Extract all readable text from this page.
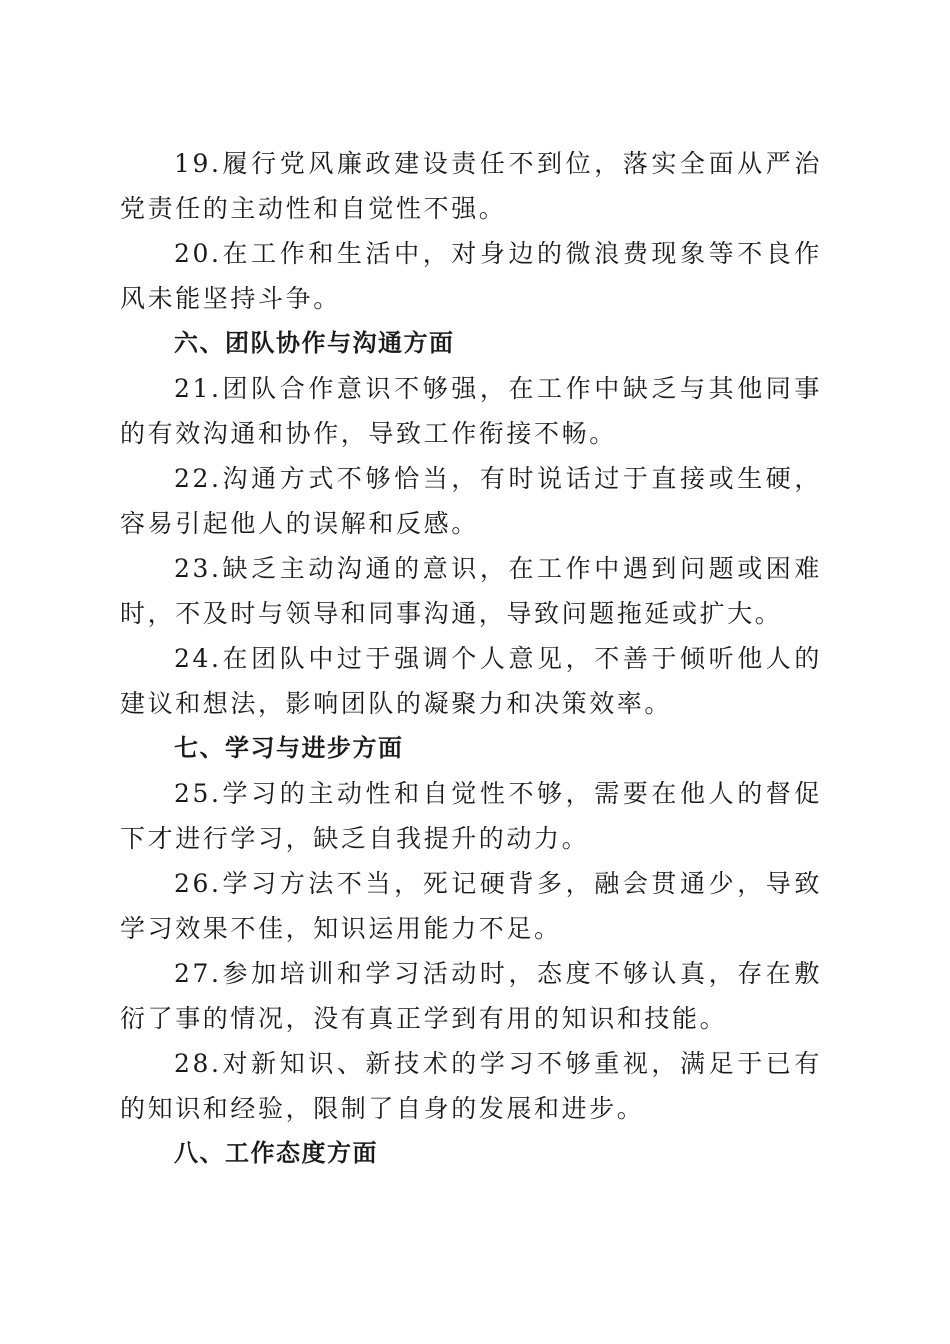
19.履行党风廉政建设责任不到位，落实全面从严治党责任的主动性和自觉性不强。

20.在工作和生活中，对身边的微浪费现象等不良作风未能坚持斗争。

六、团队协作与沟通方面

21.团队合作意识不够强，在工作中缺乏与其他同事的有效沟通和协作，导致工作衔接不畅。

22.沟通方式不够恰当，有时说话过于直接或生硬，容易引起他人的误解和反感。

23.缺乏主动沟通的意识，在工作中遇到问题或困难时，不及时与领导和同事沟通，导致问题拖延或扩大。

24.在团队中过于强调个人意见，不善于倾听他人的建议和想法，影响团队的凝聚力和决策效率。

七、学习与进步方面

25.学习的主动性和自觉性不够，需要在他人的督促下才进行学习，缺乏自我提升的动力。

26.学习方法不当，死记硬背多，融会贯通少，导致学习效果不佳，知识运用能力不足。

27.参加培训和学习活动时，态度不够认真，存在敷衍了事的情况，没有真正学到有用的知识和技能。

28.对新知识、新技术的学习不够重视，满足于已有的知识和经验，限制了自身的发展和进步。

八、工作态度方面
